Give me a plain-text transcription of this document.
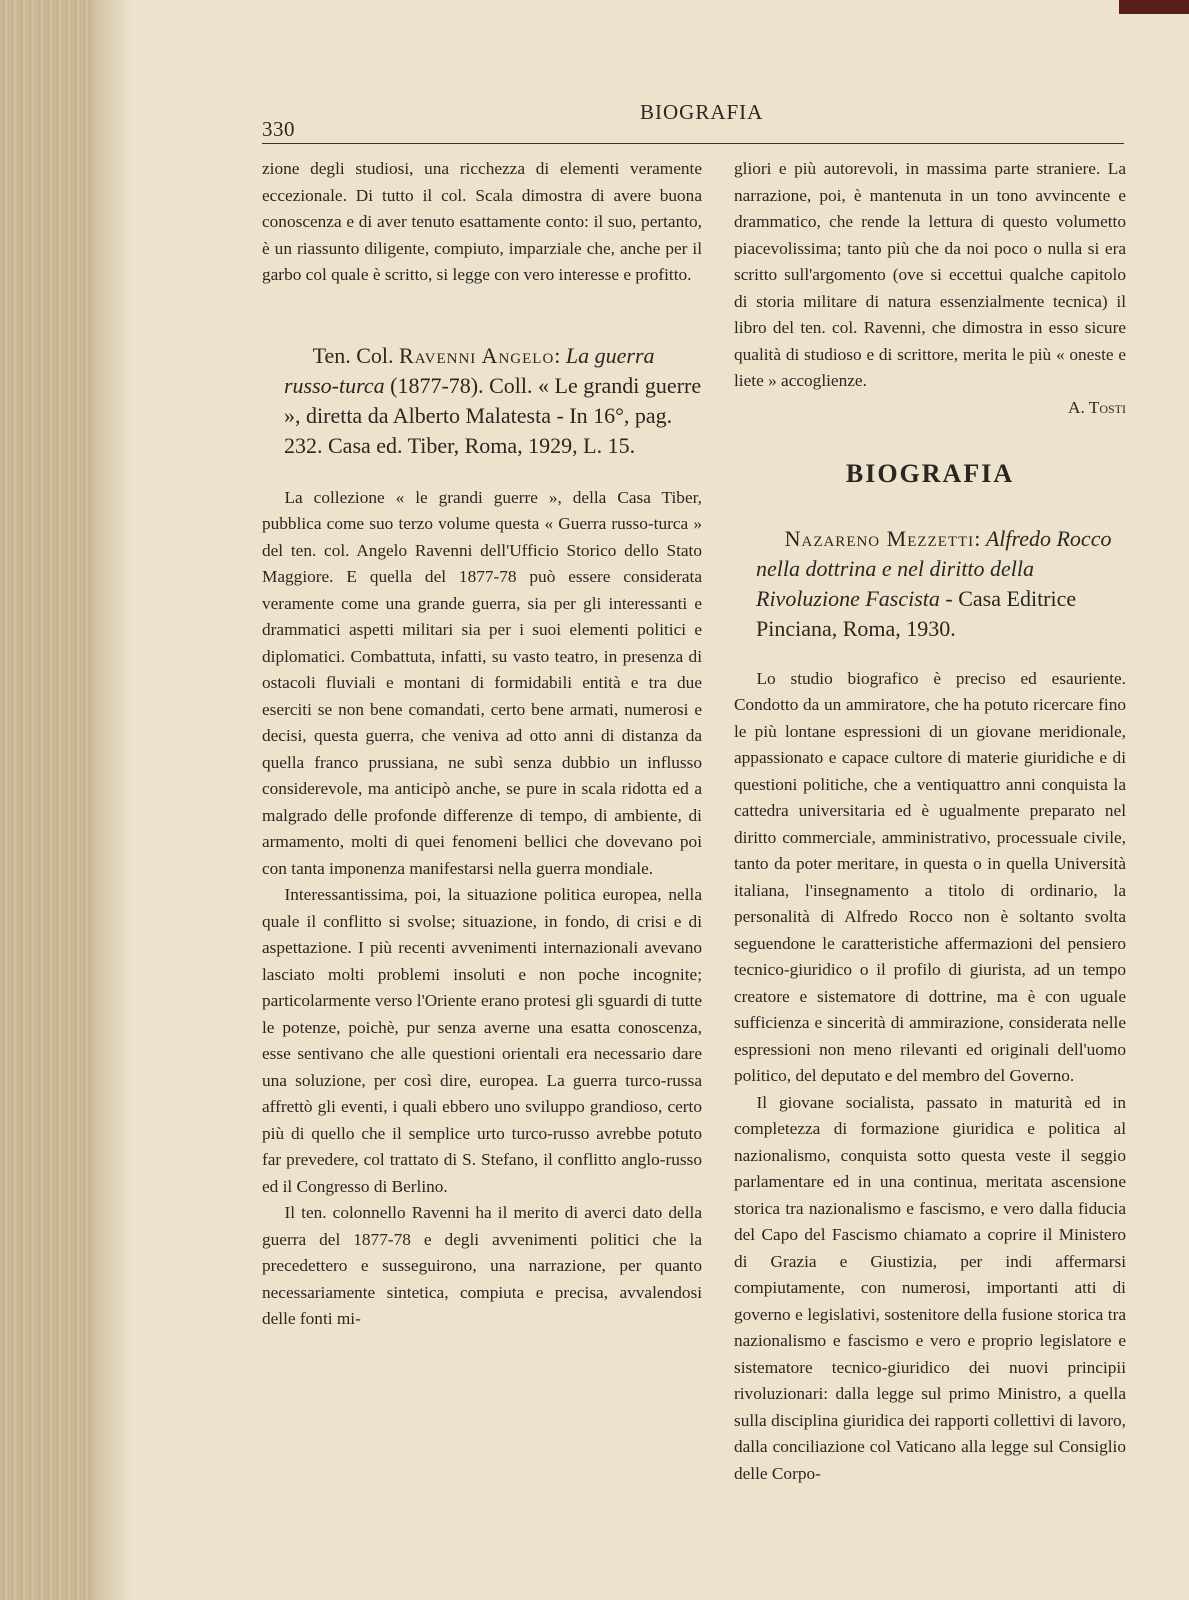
330
BIOGRAFIA

zione degli studiosi, una ricchezza di elementi veramente eccezionale. Di tutto il col. Scala dimostra di avere buona conoscenza e di aver tenuto esattamente conto: il suo, pertanto, è un riassunto diligente, compiuto, imparziale che, anche per il garbo col quale è scritto, si legge con vero interesse e profitto.

Ten. Col. Ravenni Angelo: La guerra russo-turca (1877-78). Coll. « Le grandi guerre », diretta da Alberto Malatesta - In 16°, pag. 232. Casa ed. Tiber, Roma, 1929, L. 15.

La collezione « le grandi guerre », della Casa Tiber, pubblica come suo terzo volume questa « Guerra russo-turca » del ten. col. Angelo Ravenni dell'Ufficio Storico dello Stato Maggiore. E quella del 1877-78 può essere considerata veramente come una grande guerra, sia per gli interessanti e drammatici aspetti militari sia per i suoi elementi politici e diplomatici. Combattuta, infatti, su vasto teatro, in presenza di ostacoli fluviali e montani di formidabili entità e tra due eserciti se non bene comandati, certo bene armati, numerosi e decisi, questa guerra, che veniva ad otto anni di distanza da quella franco prussiana, ne subì senza dubbio un influsso considerevole, ma anticipò anche, se pure in scala ridotta ed a malgrado delle profonde differenze di tempo, di ambiente, di armamento, molti di quei fenomeni bellici che dovevano poi con tanta imponenza manifestarsi nella guerra mondiale.

Interessantissima, poi, la situazione politica europea, nella quale il conflitto si svolse; situazione, in fondo, di crisi e di aspettazione. I più recenti avvenimenti internazionali avevano lasciato molti problemi insoluti e non poche incognite; particolarmente verso l'Oriente erano protesi gli sguardi di tutte le potenze, poichè, pur senza averne una esatta conoscenza, esse sentivano che alle questioni orientali era necessario dare una soluzione, per così dire, europea. La guerra turco-russa affrettò gli eventi, i quali ebbero uno sviluppo grandioso, certo più di quello che il semplice urto turco-russo avrebbe potuto far prevedere, col trattato di S. Stefano, il conflitto anglo-russo ed il Congresso di Berlino.

Il ten. colonnello Ravenni ha il merito di averci dato della guerra del 1877-78 e degli avvenimenti politici che la precedettero e susseguirono, una narrazione, per quanto necessariamente sintetica, compiuta e precisa, avvalendosi delle fonti mi-

gliori e più autorevoli, in massima parte straniere. La narrazione, poi, è mantenuta in un tono avvincente e drammatico, che rende la lettura di questo volumetto piacevolissima; tanto più che da noi poco o nulla si era scritto sull'argomento (ove si eccettui qualche capitolo di storia militare di natura essenzialmente tecnica) il libro del ten. col. Ravenni, che dimostra in esso sicure qualità di studioso e di scrittore, merita le più « oneste e liete » accoglienze.

A. Tosti

BIOGRAFIA

Nazareno Mezzetti: Alfredo Rocco nella dottrina e nel diritto della Rivoluzione Fascista - Casa Editrice Pinciana, Roma, 1930.

Lo studio biografico è preciso ed esauriente. Condotto da un ammiratore, che ha potuto ricercare fino le più lontane espressioni di un giovane meridionale, appassionato e capace cultore di materie giuridiche e di questioni politiche, che a ventiquattro anni conquista la cattedra universitaria ed è ugualmente preparato nel diritto commerciale, amministrativo, processuale civile, tanto da poter meritare, in questa o in quella Università italiana, l'insegnamento a titolo di ordinario, la personalità di Alfredo Rocco non è soltanto svolta seguendone le caratteristiche affermazioni del pensiero tecnico-giuridico o il profilo di giurista, ad un tempo creatore e sistematore di dottrine, ma è con uguale sufficienza e sincerità di ammirazione, considerata nelle espressioni non meno rilevanti ed originali dell'uomo politico, del deputato e del membro del Governo.

Il giovane socialista, passato in maturità ed in completezza di formazione giuridica e politica al nazionalismo, conquista sotto questa veste il seggio parlamentare ed in una continua, meritata ascensione storica tra nazionalismo e fascismo, e vero dalla fiducia del Capo del Fascismo chiamato a coprire il Ministero di Grazia e Giustizia, per indi affermarsi compiutamente, con numerosi, importanti atti di governo e legislativi, sostenitore della fusione storica tra nazionalismo e fascismo e vero e proprio legislatore e sistematore tecnico-giuridico dei nuovi principii rivoluzionari: dalla legge sul primo Ministro, a quella sulla disciplina giuridica dei rapporti collettivi di lavoro, dalla conciliazione col Vaticano alla legge sul Consiglio delle Corpo-
